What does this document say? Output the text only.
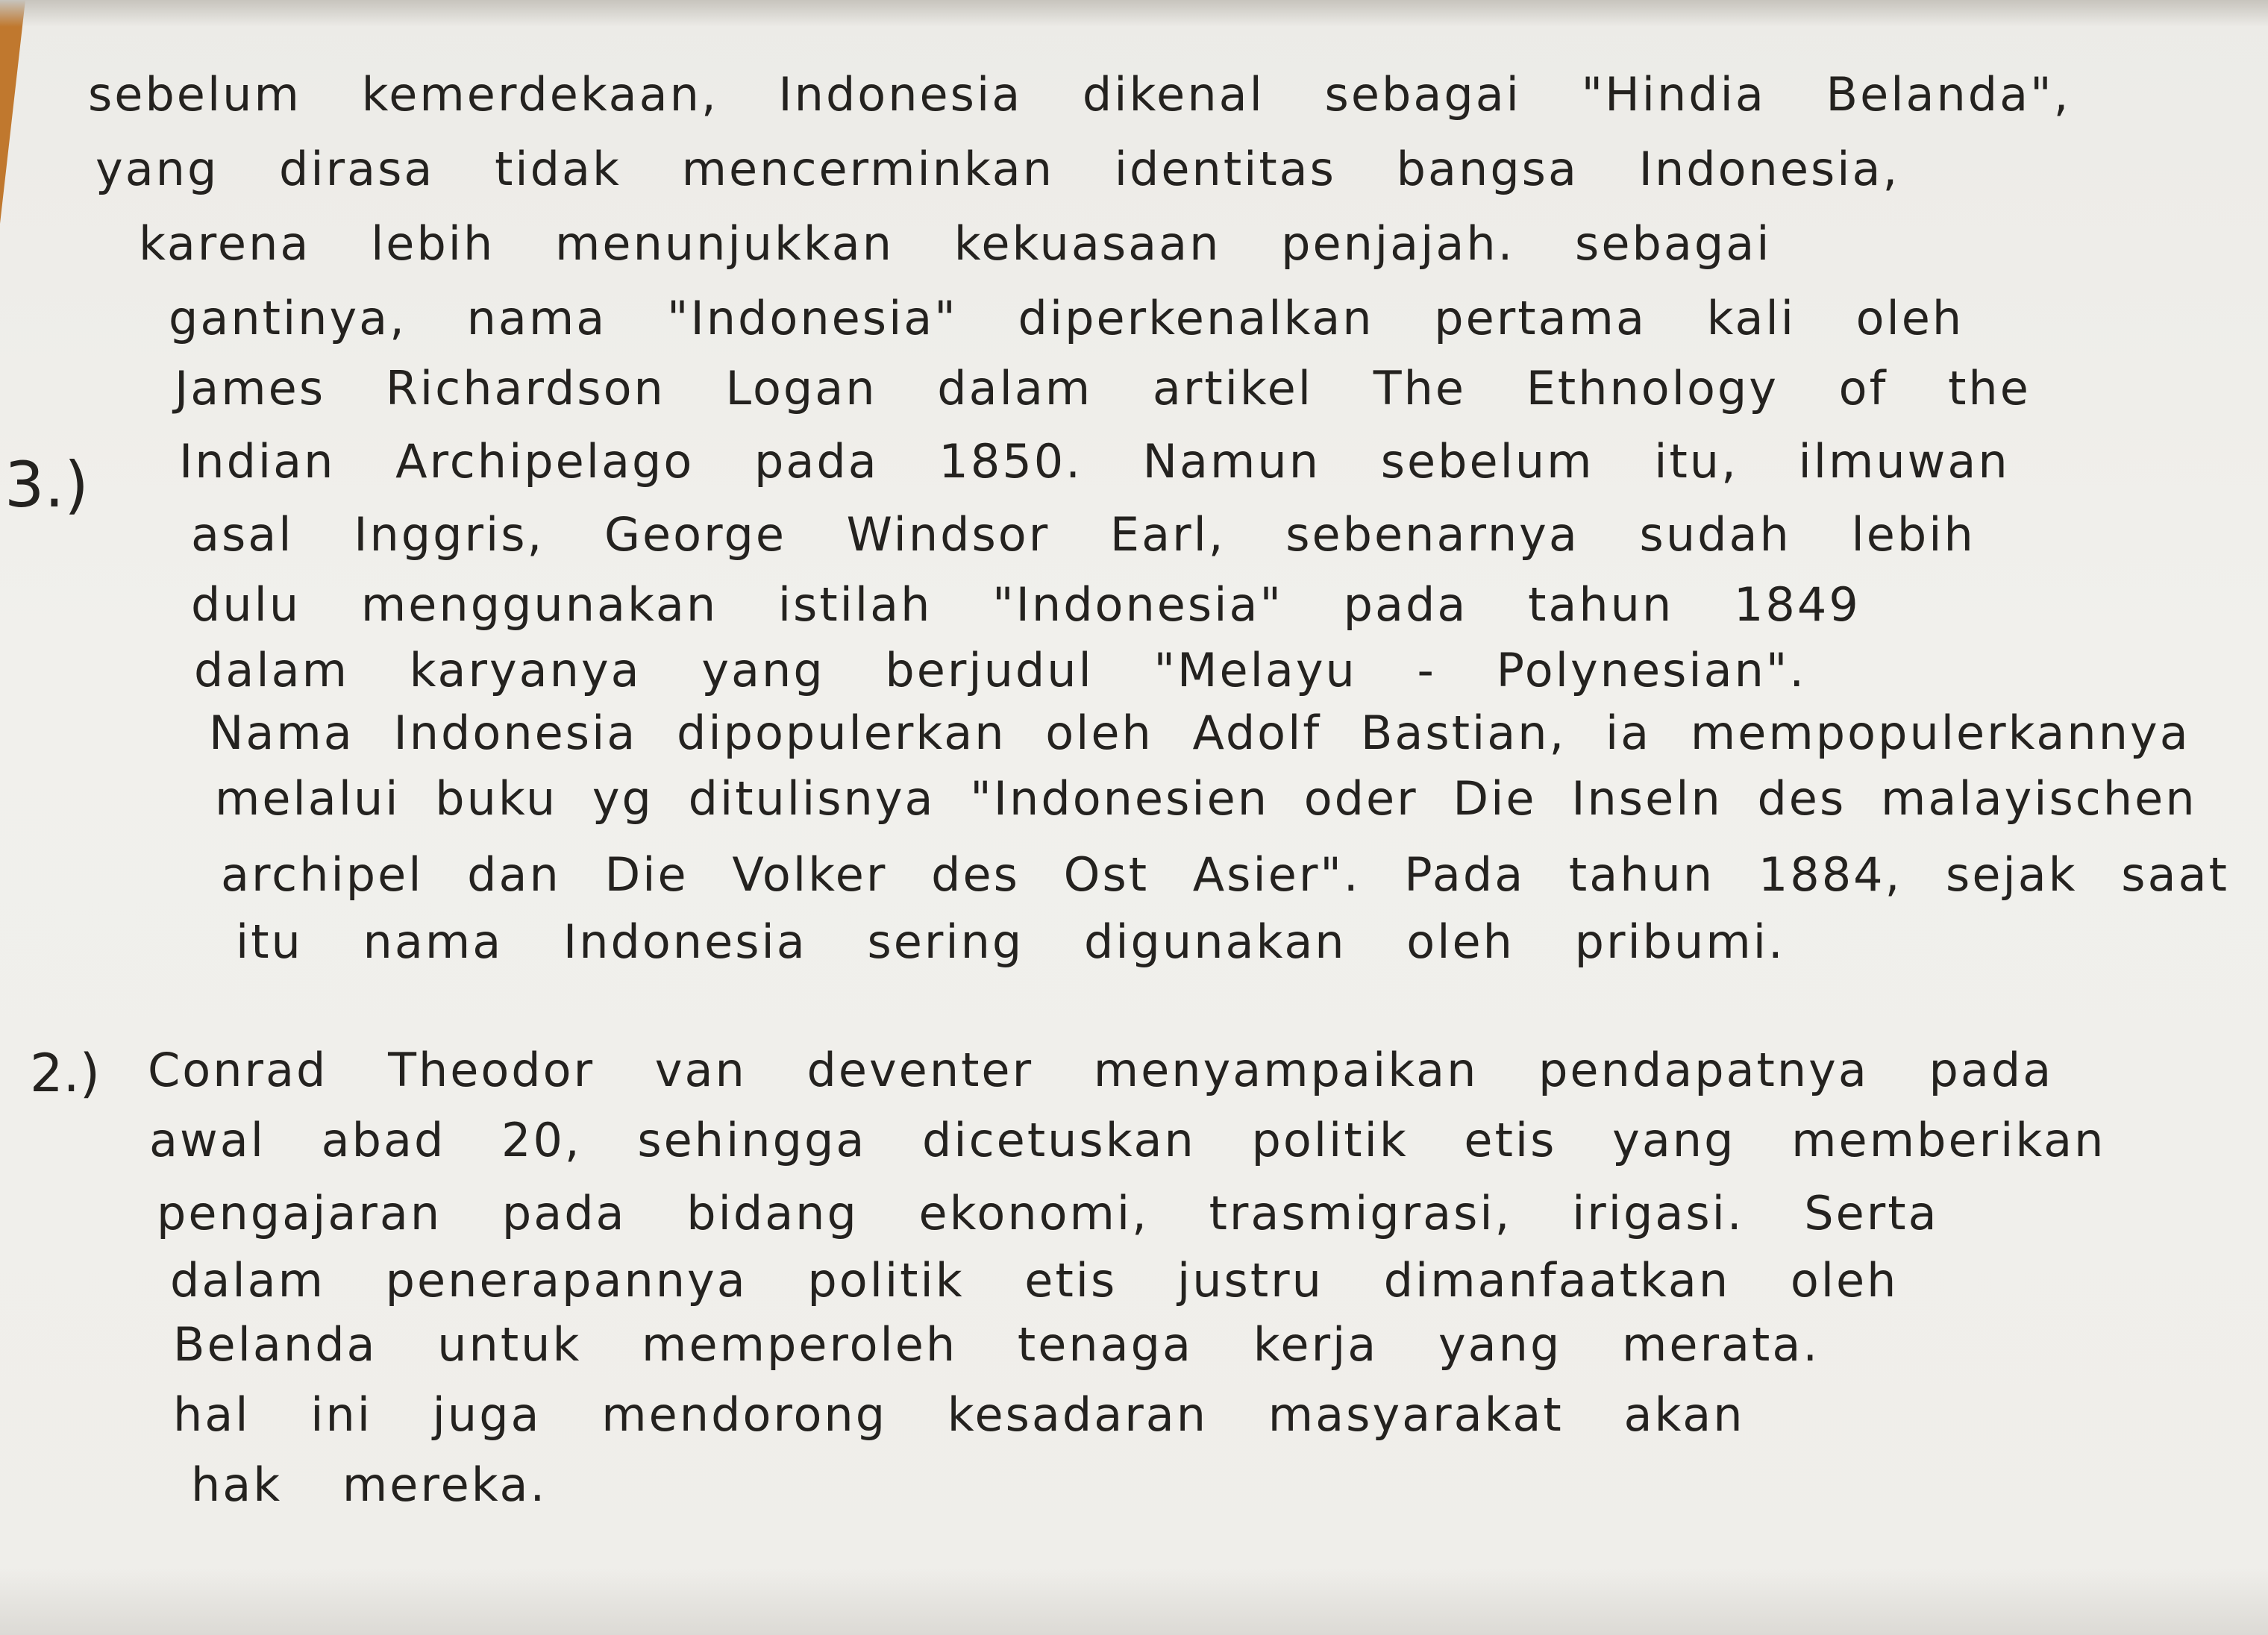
3.)
sebelum kemerdekaan, Indonesia dikenal sebagai "Hindia Belanda",
yang dirasa tidak mencerminkan identitas bangsa Indonesia,
karena lebih menunjukkan kekuasaan penjajah. sebagai
gantinya, nama "Indonesia" diperkenalkan pertama kali oleh
James Richardson Logan dalam artikel The Ethnology of the
Indian Archipelago pada 1850. Namun sebelum itu, ilmuwan
asal Inggris, George Windsor Earl, sebenarnya sudah lebih
dulu menggunakan istilah "Indonesia" pada tahun 1849
dalam karyanya yang berjudul "Melayu - Polynesian".
Nama Indonesia dipopulerkan oleh Adolf Bastian, ia mempopulerkannya
melalui buku yg ditulisnya "Indonesien oder Die Inseln des malayischen
archipel dan Die Volker des Ost Asier". Pada tahun 1884, sejak saat
itu nama Indonesia sering digunakan oleh pribumi.
2.) Conrad Theodor van deventer menyampaikan pendapatnya pada
awal abad 20, sehingga dicetuskan politik etis yang memberikan
pengajaran pada bidang ekonomi, trasmigrasi, irigasi. Serta
dalam penerapannya politik etis justru dimanfaatkan oleh
Belanda untuk memperoleh tenaga kerja yang merata.
hal ini juga mendorong kesadaran masyarakat akan
hak mereka.
